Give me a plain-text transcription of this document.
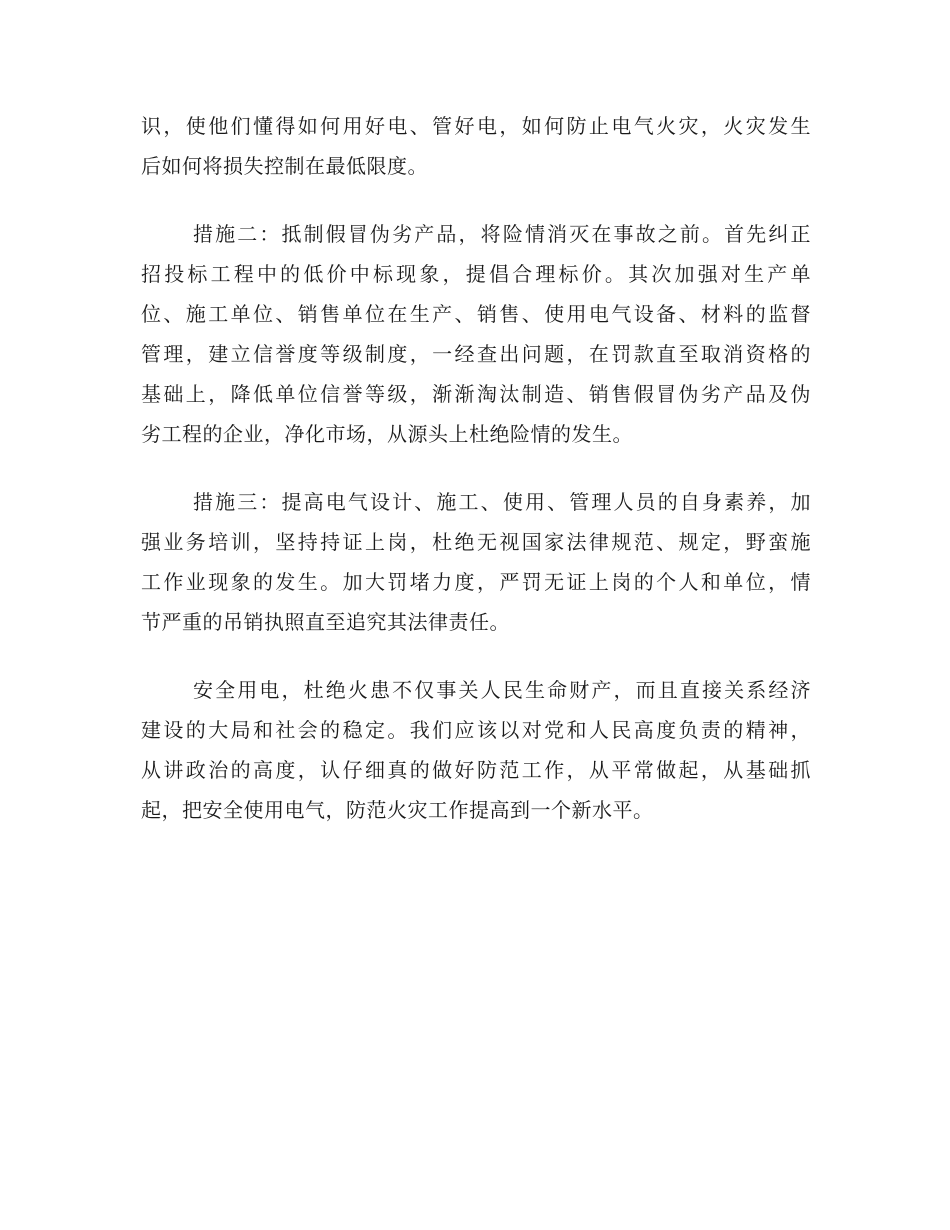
识，使他们懂得如何用好电、管好电，如何防止电气火灾，火灾发生
后如何将损失控制在最低限度。
措施二：抵制假冒伪劣产品，将险情消灭在事故之前。首先纠正
招投标工程中的低价中标现象，提倡合理标价。其次加强对生产单
位、施工单位、销售单位在生产、销售、使用电气设备、材料的监督
管理，建立信誉度等级制度，一经查出问题，在罚款直至取消资格的
基础上，降低单位信誉等级，渐渐淘汰制造、销售假冒伪劣产品及伪
劣工程的企业，净化市场，从源头上杜绝险情的发生。
措施三：提高电气设计、施工、使用、管理人员的自身素养，加
强业务培训，坚持持证上岗，杜绝无视国家法律规范、规定，野蛮施
工作业现象的发生。加大罚堵力度，严罚无证上岗的个人和单位，情
节严重的吊销执照直至追究其法律责任。
安全用电，杜绝火患不仅事关人民生命财产，而且直接关系经济
建设的大局和社会的稳定。我们应该以对党和人民高度负责的精神，
从讲政治的高度，认仔细真的做好防范工作，从平常做起，从基础抓
起，把安全使用电气，防范火灾工作提高到一个新水平。
